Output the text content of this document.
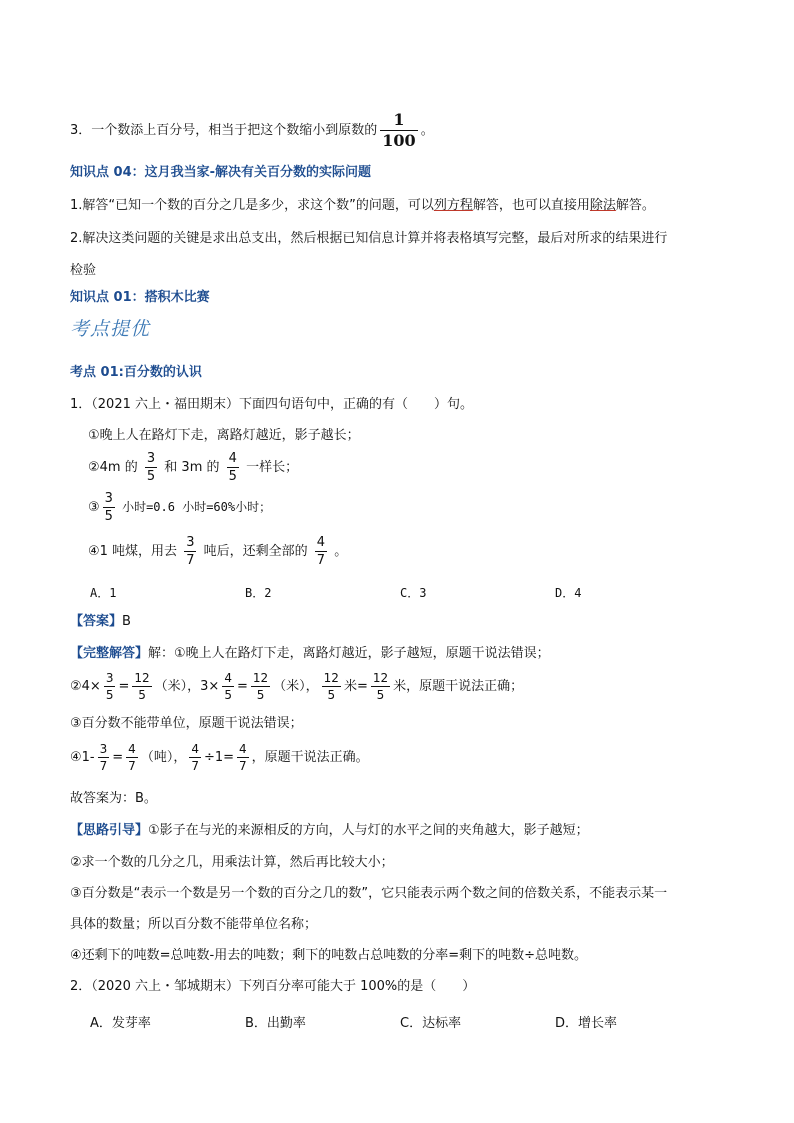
3．一个数添上百分号，相当于把这个数缩小到原数的 $\frac{1}{100}$ 。
知识点 04：这月我当家-解决有关百分数的实际问题
1.解答“已知一个数的百分之几是多少，求这个数”的问题，可以列方程解答，也可以直接用除法解答。
2.解决这类问题的关键是求出总支出，然后根据已知信息计算并将表格填写完整，最后对所求的结果进行
检验
知识点 01：搭积木比赛
考点提优
考点 01:百分数的认识
1．（2021 六上・福田期末）下面四句语句中，正确的有（　　）句。
①晚上人在路灯下走，离路灯越近，影子越长；
②4m 的 $\frac{3}{5}$ 和 3m 的 $\frac{4}{5}$ 一样长；
③ $\frac{3}{5}$ 小时=0.6 小时=60%小时；
④1 吨煤，用去 $\frac{3}{7}$ 吨后，还剩全部的 $\frac{4}{7}$ 。
A．1	B．2	C．3	D．4
【答案】B
【完整解答】解：①晚上人在路灯下走，离路灯越近，影子越短，原题干说法错误；
②4× $\frac{3}{5} = \frac{12}{5}$ （米），$3\times \frac{4}{5} = \frac{12}{5}$ （米）， $\frac{12}{5}$ 米= $\frac{12}{5}$ 米，原题干说法正确；
③百分数不能带单位，原题干说法错误；
④1- $\frac{3}{7} = \frac{4}{7}$ （吨）， $\frac{4}{7} \div 1= \frac{4}{7}$ ，原题干说法正确。
故答案为：B。
【思路引导】①影子在与光的来源相反的方向，人与灯的水平之间的夹角越大，影子越短；
②求一个数的几分之几，用乘法计算，然后再比较大小；
③百分数是“表示一个数是另一个数的百分之几的数”，它只能表示两个数之间的倍数关系，不能表示某一
具体的数量；所以百分数不能带单位名称；
④还剩下的吨数=总吨数-用去的吨数；剩下的吨数占总吨数的分率=剩下的吨数÷总吨数。
2．（2020 六上・邹城期末）下列百分率可能大于 100%的是（　　）
A．发芽率	B．出勤率	C．达标率	D．增长率
